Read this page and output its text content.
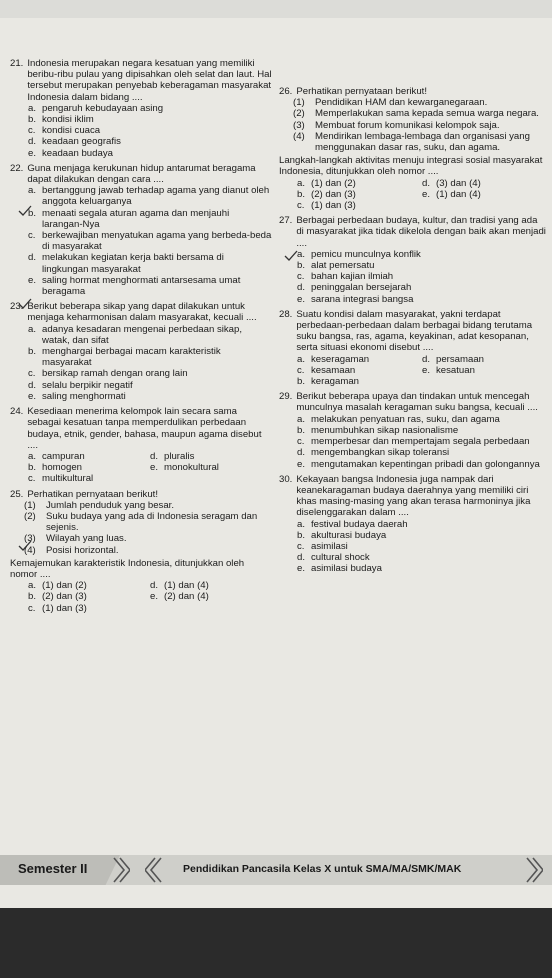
21. Indonesia merupakan negara kesatuan yang memiliki beribu-ribu pulau yang dipisahkan oleh selat dan laut. Hal tersebut merupakan penyebab keberagaman masyarakat Indonesia dalam bidang ....
a. pengaruh kebudayaan asing
b. kondisi iklim
c. kondisi cuaca
d. keadaan geografis
e. keadaan budaya
22. Guna menjaga kerukunan hidup antarumat beragama dapat dilakukan dengan cara ....
a. bertanggung jawab terhadap agama yang dianut oleh anggota keluarganya
b. menaati segala aturan agama dan menjauhi larangan-Nya
c. berkewajiban menyatukan agama yang berbeda-beda di masyarakat
d. melakukan kegiatan kerja bakti bersama di lingkungan masyarakat
e. saling hormat menghormati antarsesama umat beragama
23. Berikut beberapa sikap yang dapat dilakukan untuk menjaga keharmonisan dalam masyarakat, kecuali ....
a. adanya kesadaran mengenai perbedaan sikap, watak, dan sifat
b. menghargai berbagai macam karakteristik masyarakat
c. bersikap ramah dengan orang lain
d. selalu berpikir negatif
e. saling menghormati
24. Kesediaan menerima kelompok lain secara sama sebagai kesatuan tanpa memperdulikan perbedaan budaya, etnik, gender, bahasa, maupun agama disebut ....
a. campuran	d. pluralis
b. homogen	e. monokultural
c. multikultural
25. Perhatikan pernyataan berikut!
(1)	Jumlah penduduk yang besar.
(2)	Suku budaya yang ada di Indonesia seragam dan sejenis.
(3)	Wilayah yang luas.
(4)	Posisi horizontal.
Kemajemukan karakteristik Indonesia, ditunjukkan oleh nomor ....
a. (1) dan (2)	d. (1) dan (4)
b. (2) dan (3)	e. (2) dan (4)
c. (1) dan (3)
26. Perhatikan pernyataan berikut!
(1)	Pendidikan HAM dan kewarganegaraan.
(2)	Memperlakukan sama kepada semua warga negara.
(3)	Membuat forum komunikasi kelompok saja.
(4)	Mendirikan lembaga-lembaga dan organisasi yang menggunakan dasar ras, suku, dan agama.
Langkah-langkah aktivitas menuju integrasi sosial masyarakat Indonesia, ditunjukkan oleh nomor ....
a. (1) dan (2)	d. (3) dan (4)
b. (2) dan (3)	e. (1) dan (4)
c. (1) dan (3)
27. Berbagai perbedaan budaya, kultur, dan tradisi yang ada di masyarakat jika tidak dikelola dengan baik akan menjadi ....
a. pemicu munculnya konflik
b. alat pemersatu
c. bahan kajian ilmiah
d. peninggalan bersejarah
e. sarana integrasi bangsa
28. Suatu kondisi dalam masyarakat, yakni terdapat perbedaan-perbedaan dalam berbagai bidang terutama suku bangsa, ras, agama, keyakinan, adat kesopanan, serta situasi ekonomi disebut ....
a. keseragaman	d. persamaan
c. kesamaan	e. kesatuan
b. keragaman
29. Berikut beberapa upaya dan tindakan untuk mencegah munculnya masalah keragaman suku bangsa, kecuali ....
a. melakukan penyatuan ras, suku, dan agama
b. menumbuhkan sikap nasionalisme
c. memperbesar dan mempertajam segala perbedaan
d. mengembangkan sikap toleransi
e. mengutamakan kepentingan pribadi dan golongannya
30. Kekayaan bangsa Indonesia juga nampak dari keanekaragaman budaya daerahnya yang memiliki ciri khas masing-masing yang akan terasa harmoninya jika diselenggarakan dalam ....
a. festival budaya daerah
b. akulturasi budaya
c. asimilasi
d. cultural shock
e. asimilasi budaya
Semester II	Pendidikan Pancasila Kelas X untuk SMA/MA/SMK/MAK
